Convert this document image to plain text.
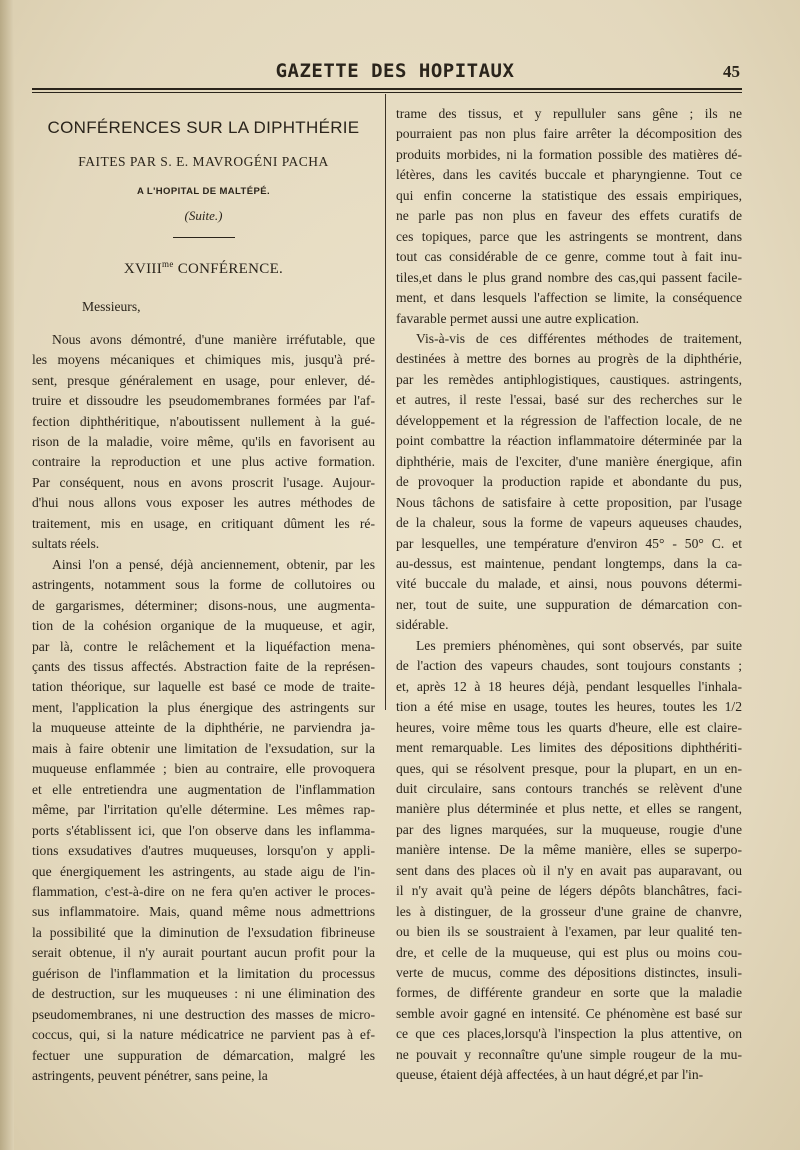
GAZETTE DES HOPITAUX	45
CONFÉRENCES SUR LA DIPHTHÉRIE
FAITES PAR S. E. MAVROGÉNI PACHA
A L'HOPITAL DE MALTÉPÉ.
(Suite.)
$XVIII^{me}$ CONFÉRENCE.
Messieurs,
Nous avons démontré, d'une manière irréfutable, que
les moyens mécaniques et chimiques mis, jusqu'à pré-
sent, presque généralement en usage, pour enlever, dé-
truire et dissoudre les pseudomembranes formées par l'af-
fection diphthéritique, n'aboutissent nullement à la gué-
rison de la maladie, voire même, qu'ils en favorisent au
contraire la reproduction et une plus active formation.
Par conséquent, nous en avons proscrit l'usage. Aujour-
d'hui nous allons vous exposer les autres méthodes de
traitement, mis en usage, en critiquant dûment les ré-
sultats réels.
Ainsi l'on a pensé, déjà anciennement, obtenir, par les
astringents, notamment sous la forme de collutoires ou
de gargarismes, déterminer; disons-nous, une augmenta-
tion de la cohésion organique de la muqueuse, et agir,
par là, contre le relâchement et la liquéfaction mena-
çants des tissus affectés. Abstraction faite de la représen-
tation théorique, sur laquelle est basé ce mode de traite-
ment, l'application la plus énergique des astringents sur
la muqueuse atteinte de la diphthérie, ne parviendra ja-
mais à faire obtenir une limitation de l'exsudation, sur la
muqueuse enflammée ; bien au contraire, elle provoquera
et elle entretiendra une augmentation de l'inflammation
même, par l'irritation qu'elle détermine. Les mêmes rap-
ports s'établissent ici, que l'on observe dans les inflamma-
tions exsudatives d'autres muqueuses, lorsqu'on y appli-
que énergiquement les astringents, au stade aigu de l'in-
flammation, c'est-à-dire on ne fera qu'en activer le proces-
sus inflammatoire. Mais, quand même nous admettrions
la possibilité que la diminution de l'exsudation fibrineuse
serait obtenue, il n'y aurait pourtant aucun profit pour la
guérison de l'inflammation et la limitation du processus
de destruction, sur les muqueuses : ni une élimination des
pseudomembranes, ni une destruction des masses de micro-
coccus, qui, si la nature médicatrice ne parvient pas à ef-
fectuer une suppuration de démarcation, malgré les
astringents, peuvent pénétrer, sans peine, la
trame des tissus, et y repulluler sans gêne ; ils ne
pourraient pas non plus faire arrêter la décomposition des
produits morbides, ni la formation possible des matières dé-
létères, dans les cavités buccale et pharyngienne. Tout ce
qui enfin concerne la statistique des essais empiriques,
ne parle pas non plus en faveur des effets curatifs de
ces topiques, parce que les astringents se montrent, dans
tout cas considérable de ce genre, comme tout à fait inu-
tiles,et dans le plus grand nombre des cas,qui passent facile-
ment, et dans lesquels l'affection se limite, la conséquence
favarable permet aussi une autre explication.
Vis-à-vis de ces différentes méthodes de traitement,
destinées à mettre des bornes au progrès de la diphthérie,
par les remèdes antiphlogistiques, caustiques. astringents,
et autres, il reste l'essai, basé sur des recherches sur le
développement et la régression de l'affection locale, de ne
point combattre la réaction inflammatoire déterminée par la
diphthérie, mais de l'exciter, d'une manière énergique, afin
de provoquer la production rapide et abondante du pus,
Nous tâchons de satisfaire à cette proposition, par l'usage
de la chaleur, sous la forme de vapeurs aqueuses chaudes,
par lesquelles, une température d'environ 45° - 50° C. et
au-dessus, est maintenue, pendant longtemps, dans la ca-
vité buccale du malade, et ainsi, nous pouvons détermi-
ner, tout de suite, une suppuration de démarcation con-
sidérable.
Les premiers phénomènes, qui sont observés, par suite
de l'action des vapeurs chaudes, sont toujours constants ;
et, après 12 à 18 heures déjà, pendant lesquelles l'inhala-
tion a été mise en usage, toutes les heures, toutes les 1/2
heures, voire même tous les quarts d'heure, elle est claire-
ment remarquable. Les limites des dépositions diphthériti-
ques, qui se résolvent presque, pour la plupart, en un en-
duit circulaire, sans contours tranchés se relèvent d'une
manière plus déterminée et plus nette, et elles se rangent,
par des lignes marquées, sur la muqueuse, rougie d'une
manière intense. De la même manière, elles se superpo-
sent dans des places où il n'y en avait pas auparavant, ou
il n'y avait qu'à peine de légers dépôts blanchâtres, faci-
les à distinguer, de la grosseur d'une graine de chanvre,
ou bien ils se soustraient à l'examen, par leur qualité ten-
dre, et celle de la muqueuse, qui est plus ou moins cou-
verte de mucus, comme des dépositions distinctes, insuli-
formes, de différente grandeur en sorte que la maladie
semble avoir gagné en intensité. Ce phénomène est basé sur
ce que ces places,lorsqu'à l'inspection la plus attentive, on
ne pouvait y reconnaître qu'une simple rougeur de la mu-
queuse, étaient déjà affectées, à un haut dégré,et par l'in-
